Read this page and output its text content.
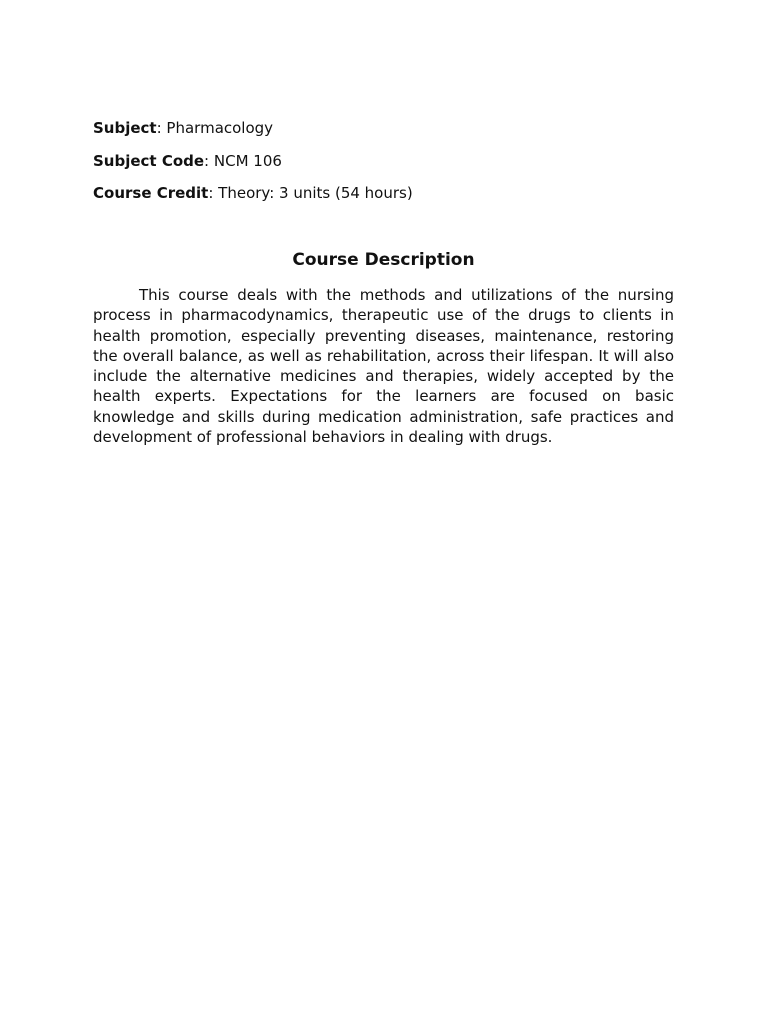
Subject: Pharmacology

Subject Code: NCM 106

Course Credit: Theory: 3 units (54 hours)

Course Description

This course deals with the methods and utilizations of the nursing process in pharmacodynamics, therapeutic use of the drugs to clients in health promotion, especially preventing diseases, maintenance, restoring the overall balance, as well as rehabilitation, across their lifespan. It will also include the alternative medicines and therapies, widely accepted by the health experts. Expectations for the learners are focused on basic knowledge and skills during medication administration, safe practices and development of professional behaviors in dealing with drugs.
